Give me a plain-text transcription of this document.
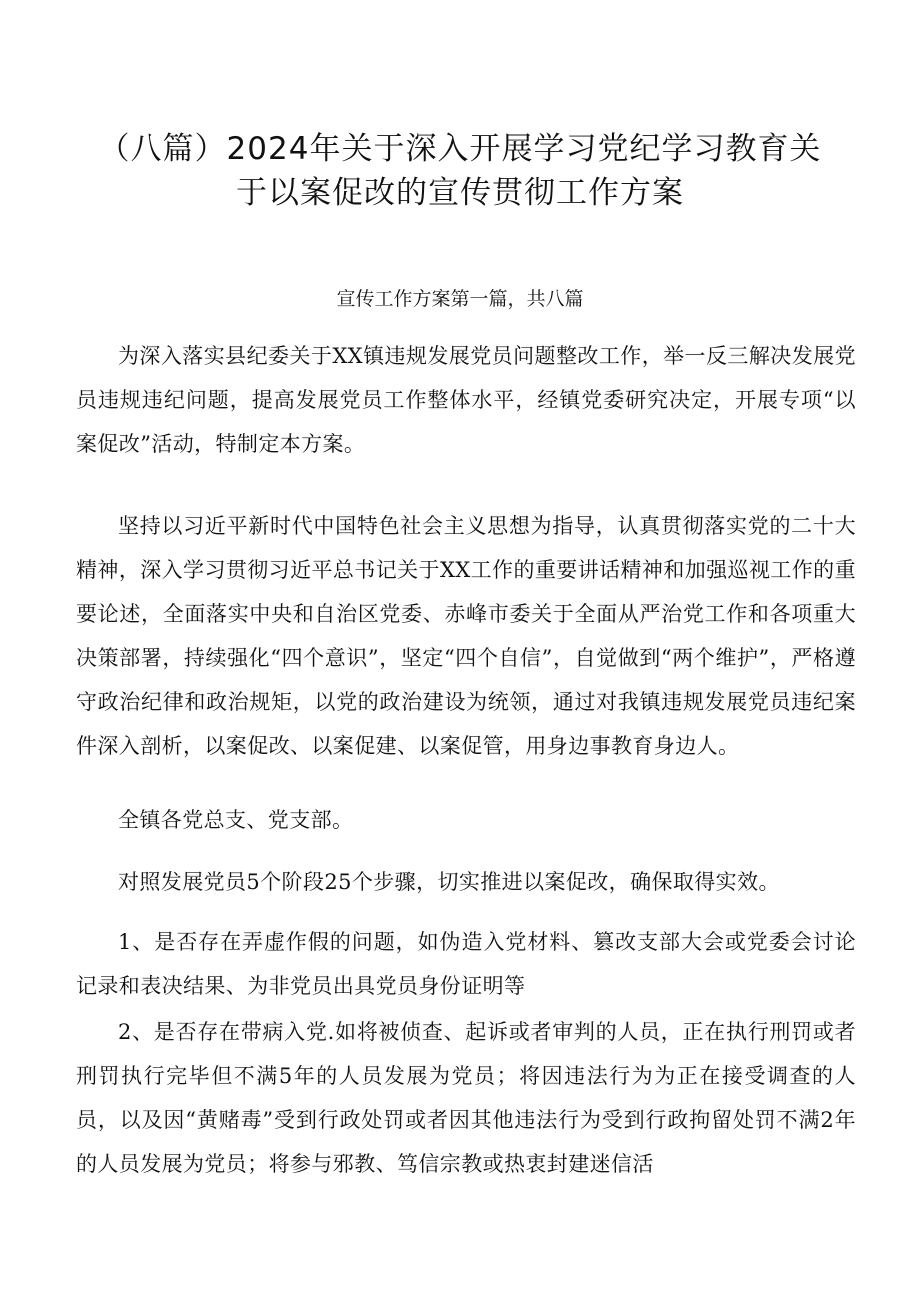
（八篇）2024年关于深入开展学习党纪学习教育关
于以案促改的宣传贯彻工作方案

宣传工作方案第一篇，共八篇

为深入落实县纪委关于XX镇违规发展党员问题整改工作，举一反三解决发展党员违规违纪问题，提高发展党员工作整体水平，经镇党委研究决定，开展专项“以案促改”活动，特制定本方案。

坚持以习近平新时代中国特色社会主义思想为指导，认真贯彻落实党的二十大精神，深入学习贯彻习近平总书记关于XX工作的重要讲话精神和加强巡视工作的重要论述，全面落实中央和自治区党委、赤峰市委关于全面从严治党工作和各项重大决策部署，持续强化“四个意识”，坚定“四个自信”，自觉做到“两个维护”，严格遵守政治纪律和政治规矩，以党的政治建设为统领，通过对我镇违规发展党员违纪案件深入剖析，以案促改、以案促建、以案促管，用身边事教育身边人。

全镇各党总支、党支部。

对照发展党员5个阶段25个步骤，切实推进以案促改，确保取得实效。

1、是否存在弄虚作假的问题，如伪造入党材料、篡改支部大会或党委会讨论记录和表决结果、为非党员出具党员身份证明等

2、是否存在带病入党.如将被侦查、起诉或者审判的人员，正在执行刑罚或者刑罚执行完毕但不满5年的人员发展为党员；将因违法行为为正在接受调查的人员，以及因“黄赌毒”受到行政处罚或者因其他违法行为受到行政拘留处罚不满2年的人员发展为党员；将参与邪教、笃信宗教或热衷封建迷信活
